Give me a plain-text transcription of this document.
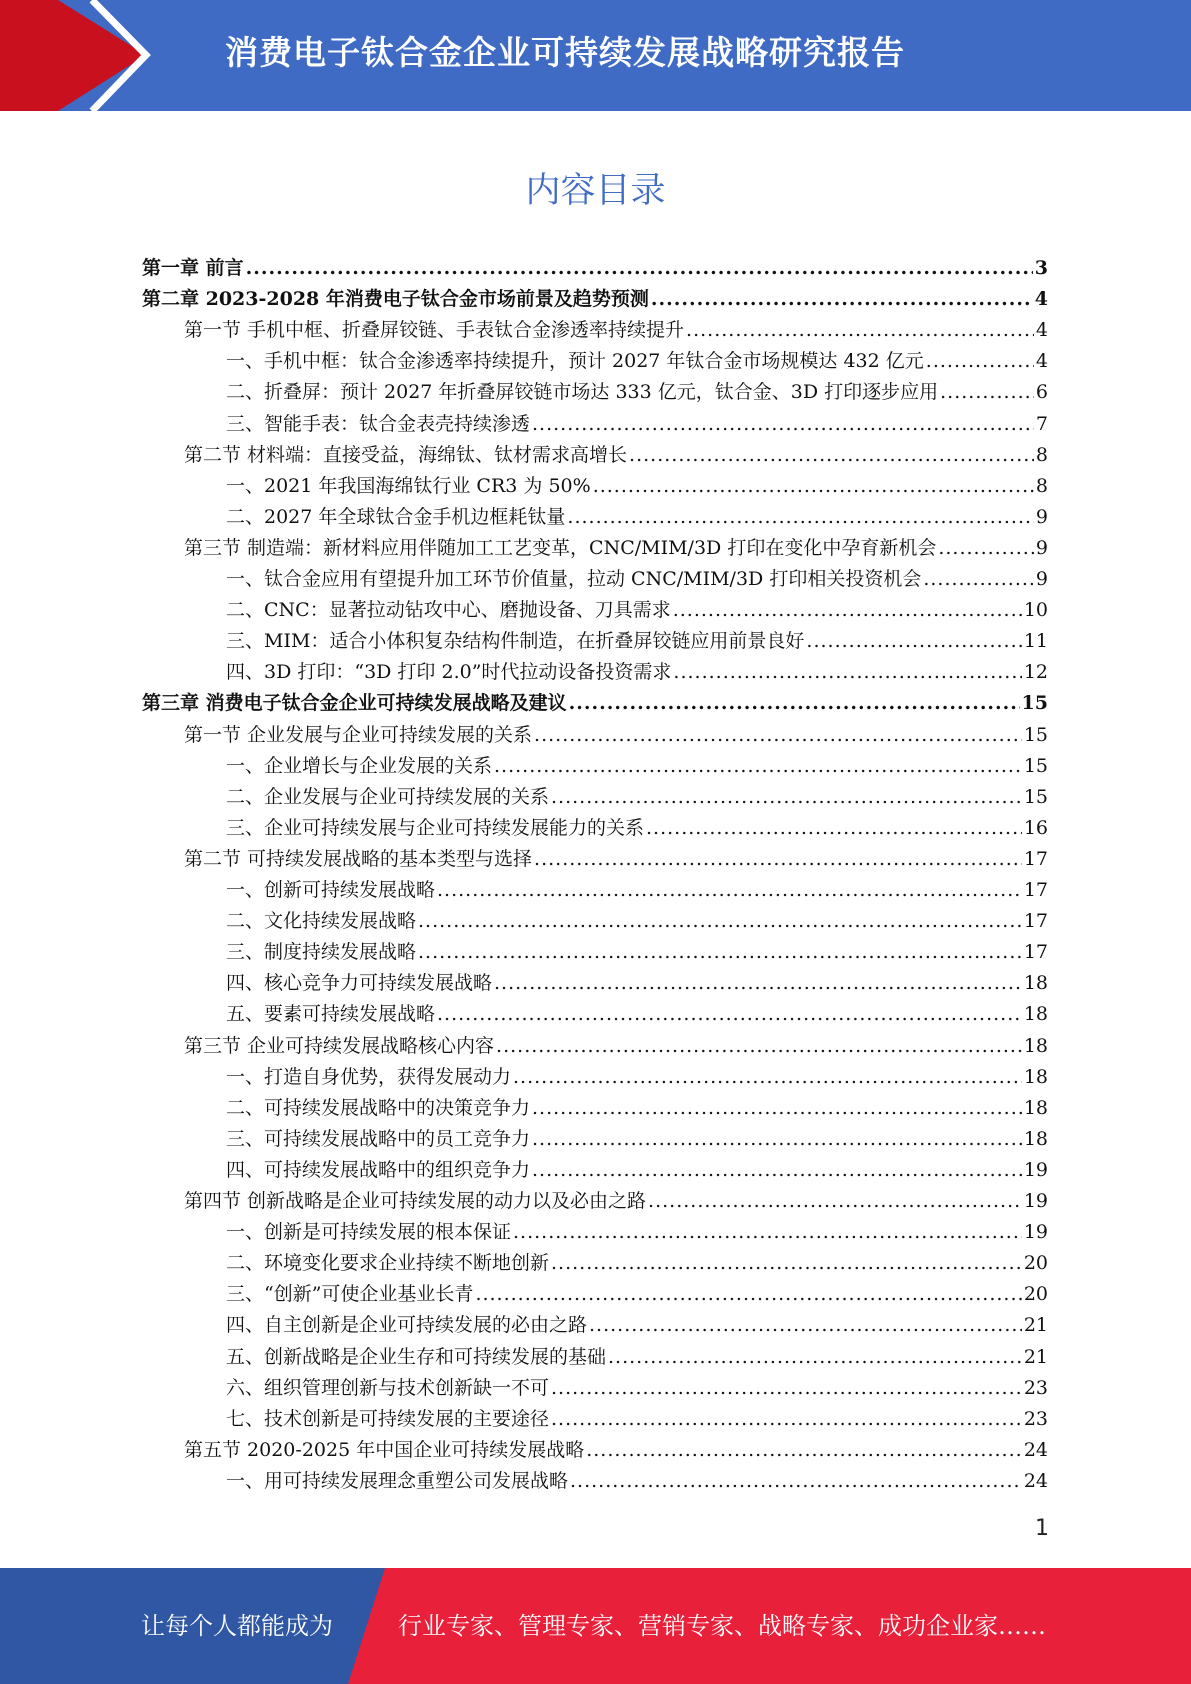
消费电子钛合金企业可持续发展战略研究报告
内容目录
第一章 前言 .....	3
第二章 2023-2028 年消费电子钛合金市场前景及趋势预测 .....	4
第一节 手机中框、折叠屏铰链、手表钛合金渗透率持续提升 .....	4
一、手机中框：钛合金渗透率持续提升，预计 2027 年钛合金市场规模达 432 亿元 .....	4
二、折叠屏：预计 2027 年折叠屏铰链市场达 333 亿元，钛合金、3D 打印逐步应用 .....	6
三、智能手表：钛合金表壳持续渗透 .....	7
第二节 材料端：直接受益，海绵钛、钛材需求高增长 .....	8
一、2021 年我国海绵钛行业 CR3 为 50% .....	8
二、2027 年全球钛合金手机边框耗钛量 .....	9
第三节 制造端：新材料应用伴随加工工艺变革，CNC/MIM/3D 打印在变化中孕育新机会 .....	9
一、钛合金应用有望提升加工环节价值量，拉动 CNC/MIM/3D 打印相关投资机会 .....	9
二、CNC：显著拉动钻攻中心、磨抛设备、刀具需求 .....	10
三、MIM：适合小体积复杂结构件制造，在折叠屏铰链应用前景良好 .....	11
四、3D 打印：“3D 打印 2.0”时代拉动设备投资需求 .....	12
第三章 消费电子钛合金企业可持续发展战略及建议 .....	15
第一节 企业发展与企业可持续发展的关系 .....	15
一、企业增长与企业发展的关系 .....	15
二、企业发展与企业可持续发展的关系 .....	15
三、企业可持续发展与企业可持续发展能力的关系 .....	16
第二节 可持续发展战略的基本类型与选择 .....	17
一、创新可持续发展战略 .....	17
二、文化持续发展战略 .....	17
三、制度持续发展战略 .....	17
四、核心竞争力可持续发展战略 .....	18
五、要素可持续发展战略 .....	18
第三节 企业可持续发展战略核心内容 .....	18
一、打造自身优势，获得发展动力 .....	18
二、可持续发展战略中的决策竞争力 .....	18
三、可持续发展战略中的员工竞争力 .....	18
四、可持续发展战略中的组织竞争力 .....	19
第四节 创新战略是企业可持续发展的动力以及必由之路 .....	19
一、创新是可持续发展的根本保证 .....	19
二、环境变化要求企业持续不断地创新 .....	20
三、“创新”可使企业基业长青 .....	20
四、自主创新是企业可持续发展的必由之路 .....	21
五、创新战略是企业生存和可持续发展的基础 .....	21
六、组织管理创新与技术创新缺一不可 .....	23
七、技术创新是可持续发展的主要途径 .....	23
第五节 2020-2025 年中国企业可持续发展战略 .....	24
一、用可持续发展理念重塑公司发展战略 .....	24
1
让每个人都能成为	行业专家、管理专家、营销专家、战略专家、成功企业家……
